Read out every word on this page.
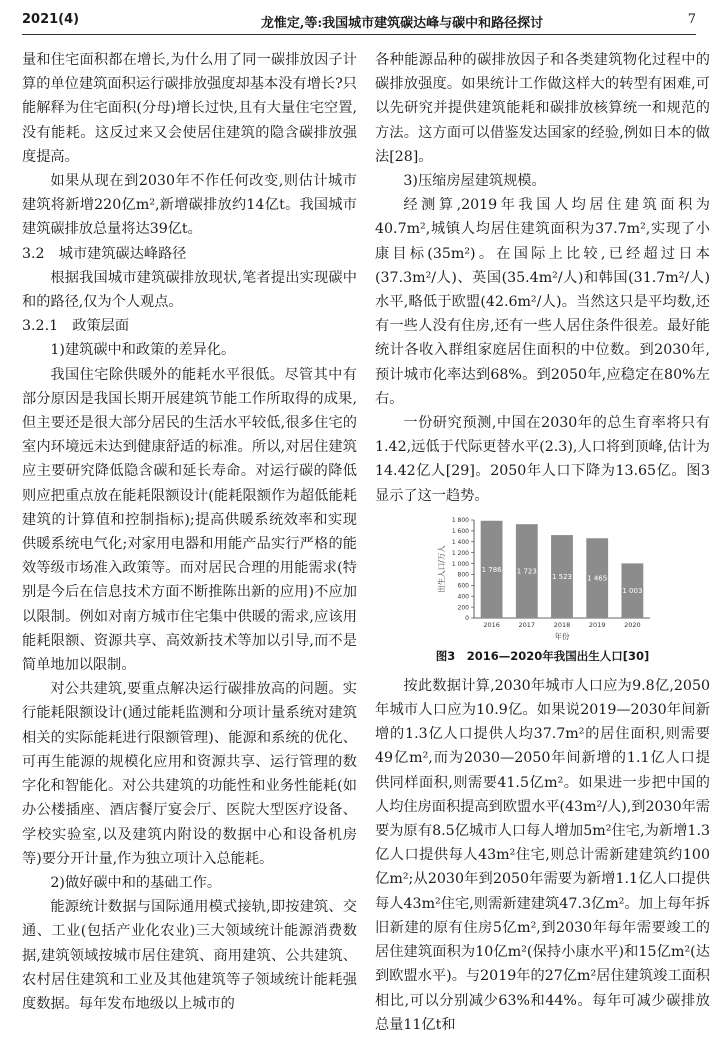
2021(4)	龙惟定,等:我国城市建筑碳达峰与碳中和路径探讨	7

量和住宅面积都在增长,为什么用了同一碳排放因子计算的单位建筑面积运行碳排放强度却基本没有增长?只能解释为住宅面积(分母)增长过快,且有大量住宅空置,没有能耗。这反过来又会使居住建筑的隐含碳排放强度提高。

如果从现在到2030年不作任何改变,则估计城市建筑将新增220亿m²,新增碳排放约14亿t。我国城市建筑碳排放总量将达39亿t。

3.2　城市建筑碳达峰路径

根据我国城市建筑碳排放现状,笔者提出实现碳中和的路径,仅为个人观点。

3.2.1　政策层面

1)建筑碳中和政策的差异化。

我国住宅除供暖外的能耗水平很低。尽管其中有部分原因是我国长期开展建筑节能工作所取得的成果,但主要还是很大部分居民的生活水平较低,很多住宅的室内环境远未达到健康舒适的标准。所以,对居住建筑应主要研究降低隐含碳和延长寿命。对运行碳的降低则应把重点放在能耗限额设计(能耗限额作为超低能耗建筑的计算值和控制指标);提高供暖系统效率和实现供暖系统电气化;对家用电器和用能产品实行严格的能效等级市场准入政策等。而对居民合理的用能需求(特别是今后在信息技术方面不断推陈出新的应用)不应加以限制。例如对南方城市住宅集中供暖的需求,应该用能耗限额、资源共享、高效新技术等加以引导,而不是简单地加以限制。

对公共建筑,要重点解决运行碳排放高的问题。实行能耗限额设计(通过能耗监测和分项计量系统对建筑相关的实际能耗进行限额管理)、能源和系统的优化、可再生能源的规模化应用和资源共享、运行管理的数字化和智能化。对公共建筑的功能性和业务性能耗(如办公楼插座、酒店餐厅宴会厅、医院大型医疗设备、学校实验室,以及建筑内附设的数据中心和设备机房等)要分开计量,作为独立项计入总能耗。

2)做好碳中和的基础工作。

能源统计数据与国际通用模式接轨,即按建筑、交通、工业(包括产业化农业)三大领域统计能源消费数据,建筑领域按城市居住建筑、商用建筑、公共建筑、农村居住建筑和工业及其他建筑等子领域统计能耗强度数据。每年发布地级以上城市的

各种能源品种的碳排放因子和各类建筑物化过程中的碳排放强度。如果统计工作做这样大的转型有困难,可以先研究并提供建筑能耗和碳排放核算统一和规范的方法。这方面可以借鉴发达国家的经验,例如日本的做法[28]。

3)压缩房屋建筑规模。

经测算,2019年我国人均居住建筑面积为40.7m²,城镇人均居住建筑面积为37.7m²,实现了小康目标(35m²)。在国际上比较,已经超过日本(37.3m²/人)、英国(35.4m²/人)和韩国(31.7m²/人)水平,略低于欧盟(42.6m²/人)。当然这只是平均数,还有一些人没有住房,还有一些人居住条件很差。最好能统计各收入群组家庭居住面积的中位数。到2030年,预计城市化率达到68%。到2050年,应稳定在80%左右。

一份研究预测,中国在2030年的总生育率将只有1.42,远低于代际更替水平(2.3),人口将到顶峰,估计为14.42亿人[29]。2050年人口下降为13.65亿。图3显示了这一趋势。

0
200
400
600
800
1 000
1 200
1 400
1 600
1 800
出生人口/万人	1 786
2016
1 723
2017
1 523
2018
1 465
2019
1 003
2020
年份
图3　2016—2020年我国出生人口[30]

按此数据计算,2030年城市人口应为9.8亿,2050年城市人口应为10.9亿。如果说2019—2030年间新增的1.3亿人口提供人均37.7m²的居住面积,则需要49亿m²,而为2030—2050年间新增的1.1亿人口提供同样面积,则需要41.5亿m²。如果进一步把中国的人均住房面积提高到欧盟水平(43m²/人),到2030年需要为原有8.5亿城市人口每人增加5m²住宅,为新增1.3亿人口提供每人43m²住宅,则总计需新建建筑约100亿m²;从2030年到2050年需要为新增1.1亿人口提供每人43m²住宅,则需新建建筑47.3亿m²。加上每年拆旧新建的原有住房5亿m²,到2030年每年需要竣工的居住建筑面积为10亿m²(保持小康水平)和15亿m²(达到欧盟水平)。与2019年的27亿m²居住建筑竣工面积相比,可以分别减少63%和44%。每年可减少碳排放总量11亿t和
